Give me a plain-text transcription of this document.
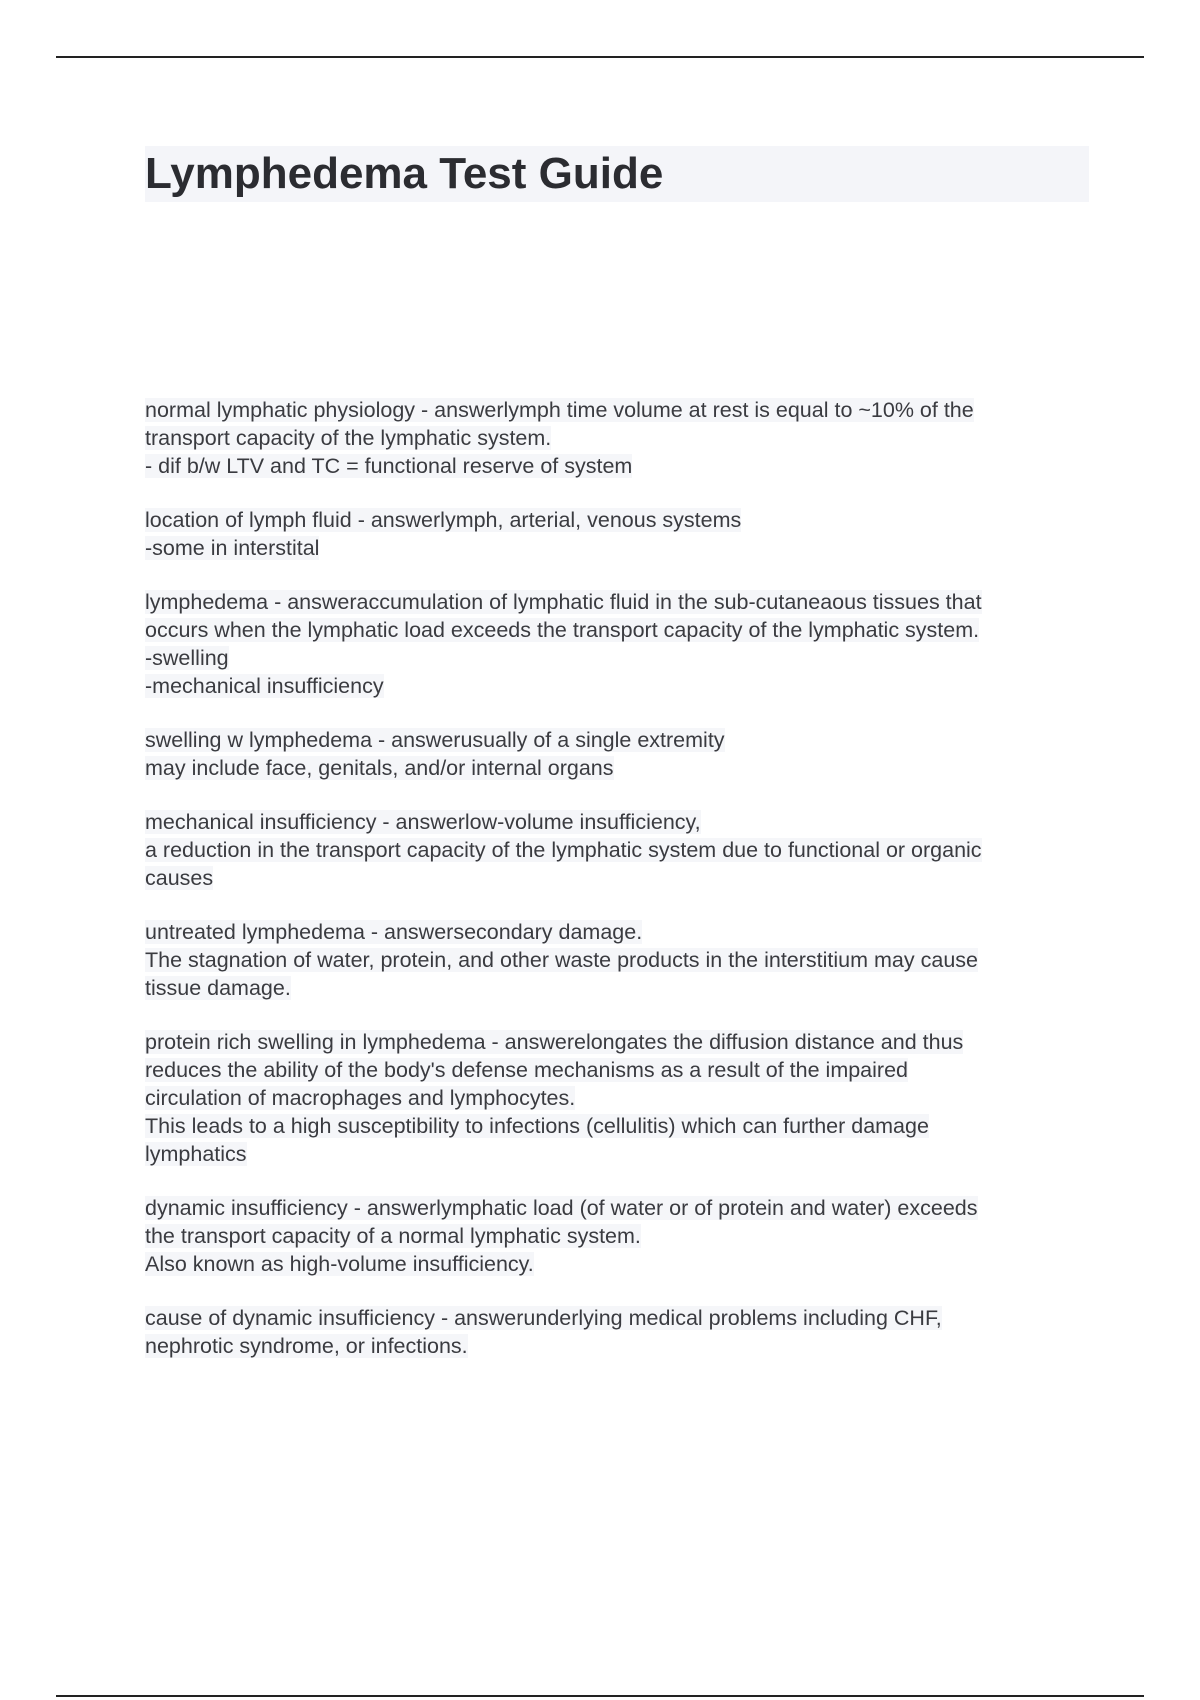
Lymphedema Test Guide
normal lymphatic physiology - answerlymph time volume at rest is equal to ~10% of the
transport capacity of the lymphatic system.
- dif b/w LTV and TC = functional reserve of system
location of lymph fluid - answerlymph, arterial, venous systems
-some in interstital
lymphedema - answeraccumulation of lymphatic fluid in the sub-cutaneaous tissues that
occurs when the lymphatic load exceeds the transport capacity of the lymphatic system.
-swelling
-mechanical insufficiency
swelling w lymphedema - answerusually of a single extremity
may include face, genitals, and/or internal organs
mechanical insufficiency - answerlow-volume insufficiency,
a reduction in the transport capacity of the lymphatic system due to functional or organic
causes
untreated lymphedema - answersecondary damage.
The stagnation of water, protein, and other waste products in the interstitium may cause
tissue damage.
protein rich swelling in lymphedema - answerelongates the diffusion distance and thus
reduces the ability of the body's defense mechanisms as a result of the impaired
circulation of macrophages and lymphocytes.
This leads to a high susceptibility to infections (cellulitis) which can further damage
lymphatics
dynamic insufficiency - answerlymphatic load (of water or of protein and water) exceeds
the transport capacity of a normal lymphatic system.
Also known as high-volume insufficiency.
cause of dynamic insufficiency - answerunderlying medical problems including CHF,
nephrotic syndrome, or infections.
